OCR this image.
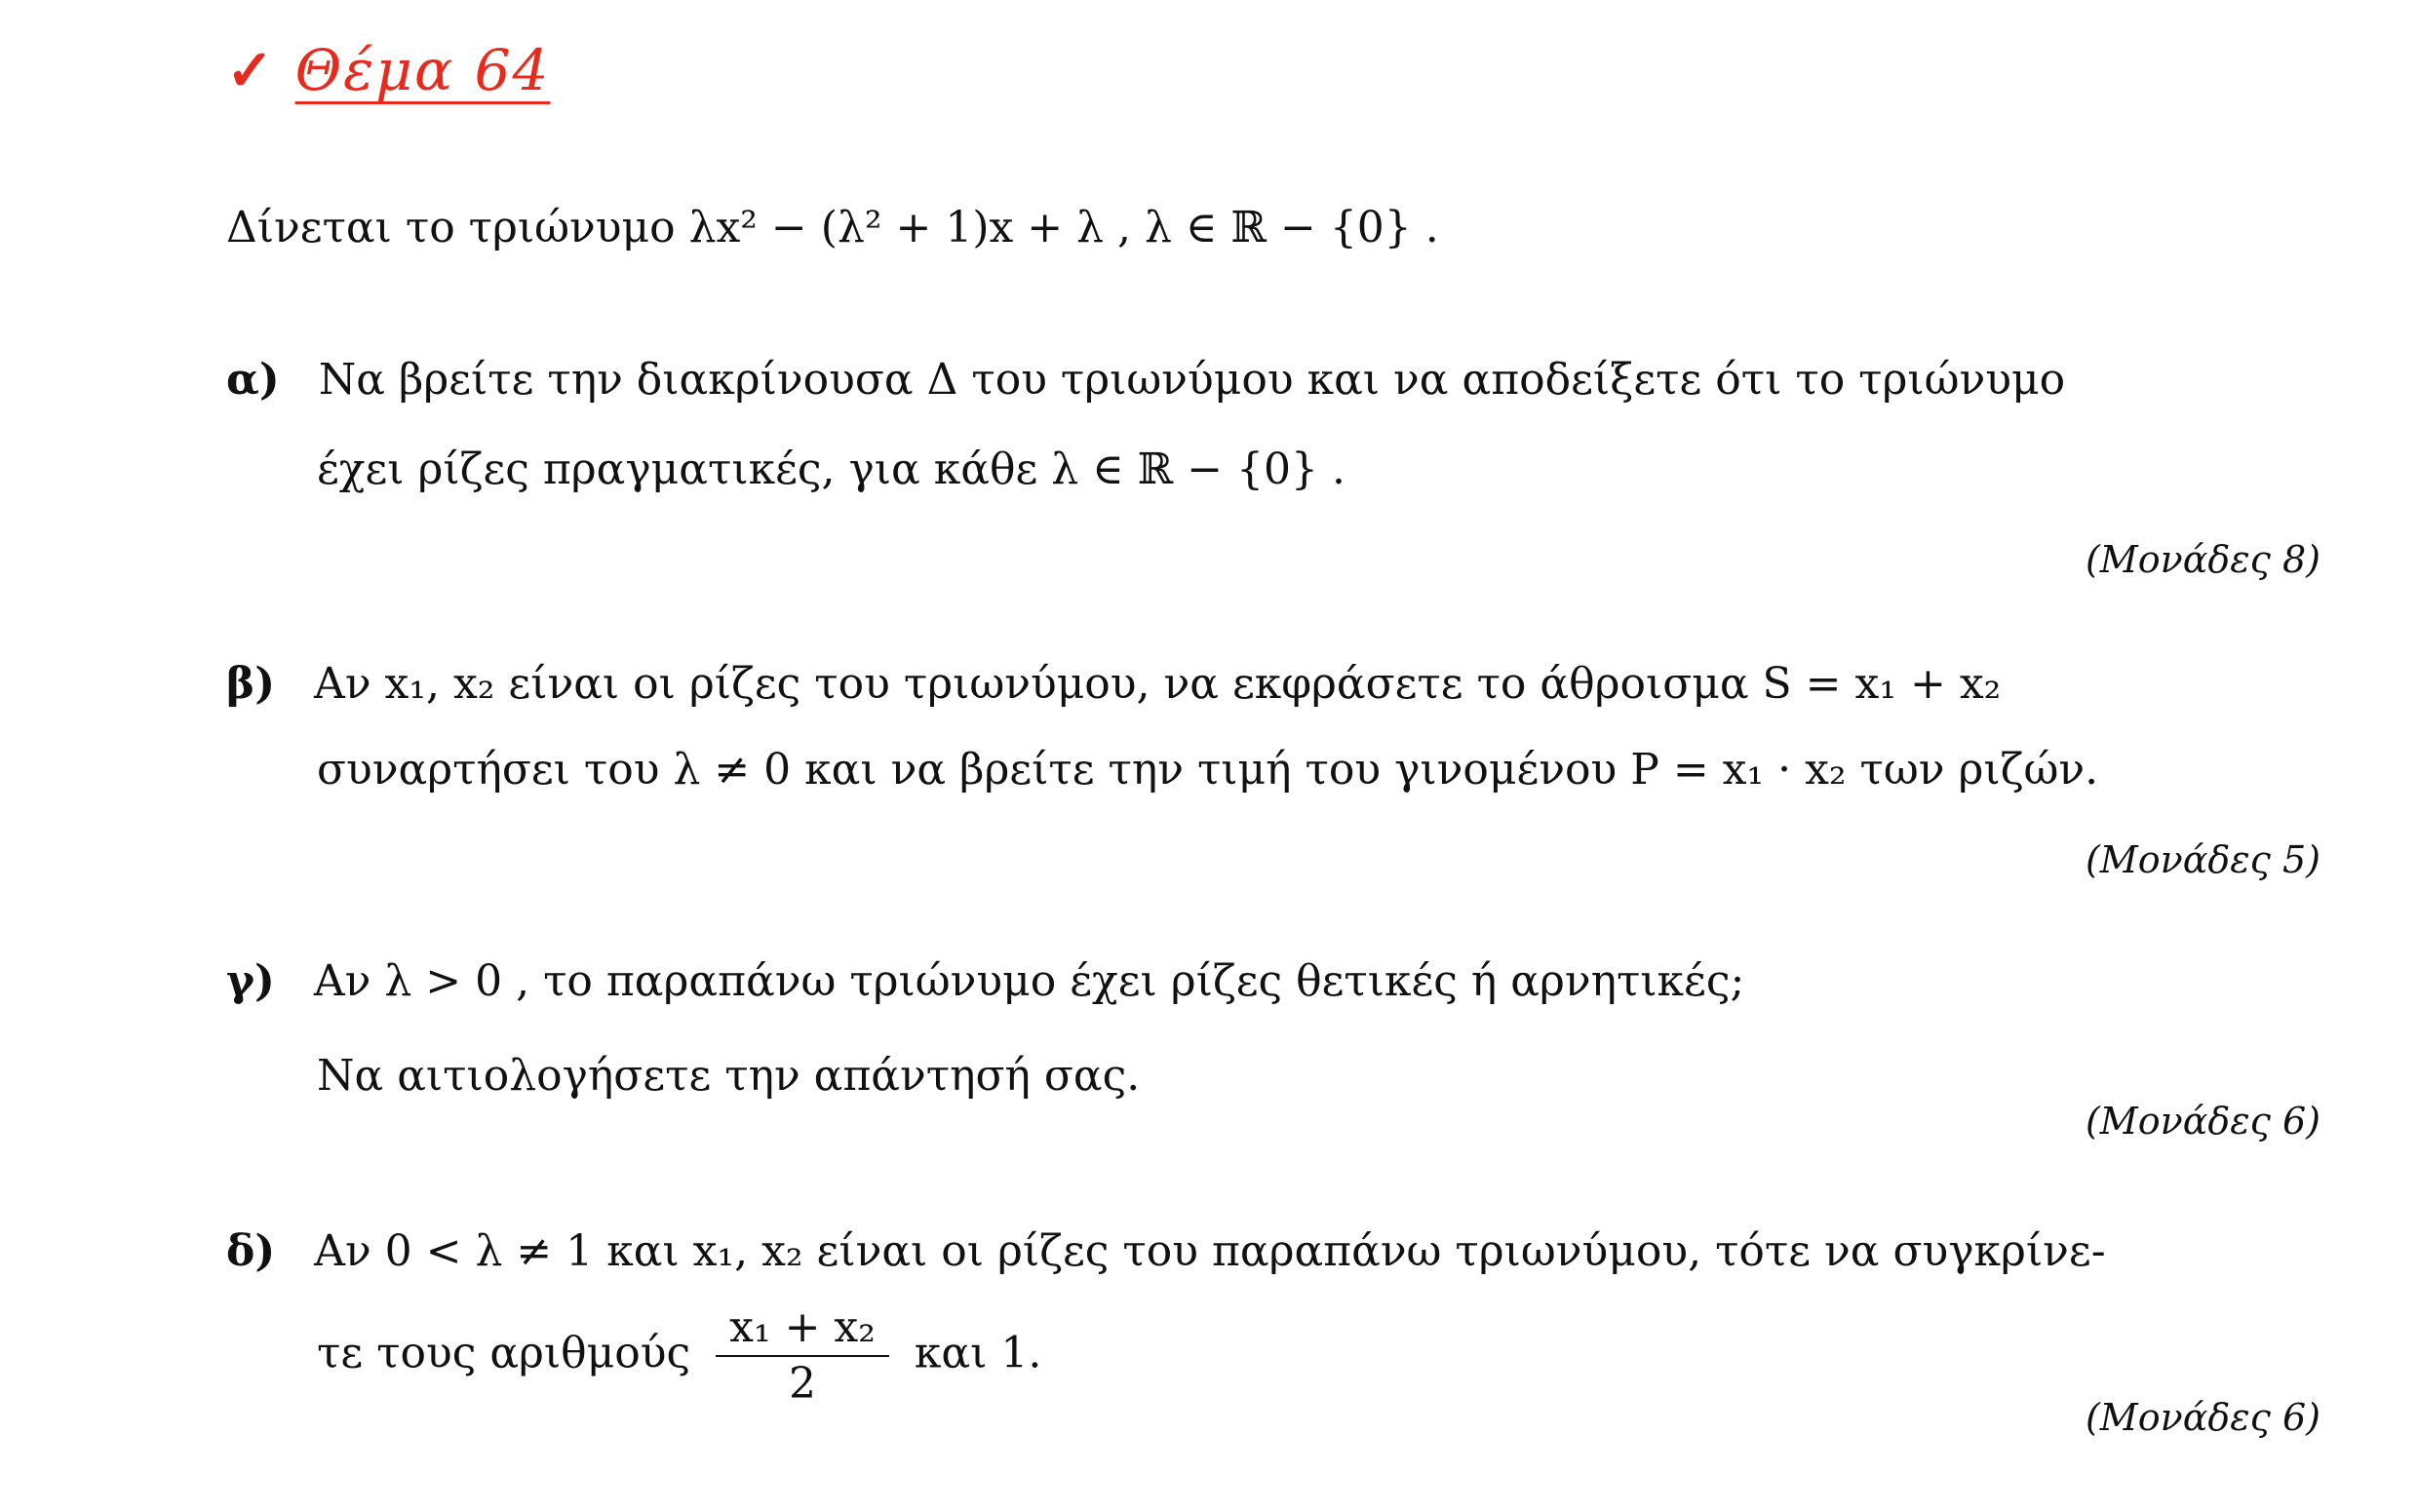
✓ Θέμα 64
Δίνεται το τριώνυμο λx² − (λ² + 1)x + λ , λ ∈ ℝ − {0} .
α) Να βρείτε την διακρίνουσα Δ του τριωνύμου και να αποδείξετε ότι το τριώνυμο
έχει ρίζες πραγματικές, για κάθε λ ∈ ℝ − {0} .
(Μονάδες 8)
β) Αν x₁, x₂ είναι οι ρίζες του τριωνύμου, να εκφράσετε το άθροισμα S = x₁ + x₂
συναρτήσει του λ ≠ 0 και να βρείτε την τιμή του γινομένου P = x₁ · x₂ των ριζών.
(Μονάδες 5)
γ) Αν λ > 0 , το παραπάνω τριώνυμο έχει ρίζες θετικές ή αρνητικές;
Να αιτιολογήσετε την απάντησή σας.
(Μονάδες 6)
δ) Αν 0 < λ ≠ 1 και x₁, x₂ είναι οι ρίζες του παραπάνω τριωνύμου, τότε να συγκρίνε-
τε τους αριθμούς $\frac{\text{x₁ + x₂}}{2}$ και 1.
(Μονάδες 6)
